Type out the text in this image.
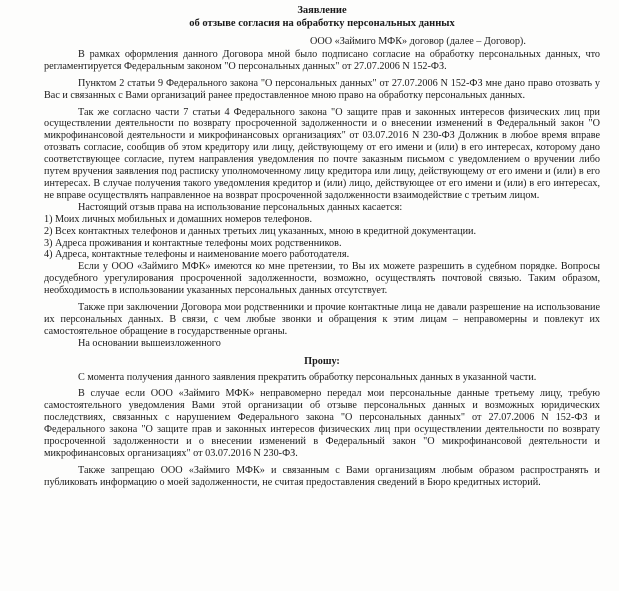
Заявление
об отзыве согласия на обработку персональных данных
ООО «Займиго МФК» договор (далее – Договор).

В рамках оформления данного Договора мной было подписано согласие на обработку персональных данных, что регламентируется Федеральным законом "О персональных данных" от 27.07.2006 N 152-ФЗ.

Пунктом 2 статьи 9 Федерального закона "О персональных данных" от 27.07.2006 N 152-ФЗ мне дано право отозвать у Вас и связанных с Вами организаций ранее предоставленное мною право на обработку персональных данных.

Так же согласно части 7 статьи 4 Федерального закона "О защите прав и законных интересов физических лиц при осуществлении деятельности по возврату просроченной задолженности и о внесении изменений в Федеральный закон "О микрофинансовой деятельности и микрофинансовых организациях" от 03.07.2016 N 230-ФЗ Должник в любое время вправе отозвать согласие, сообщив об этом кредитору или лицу, действующему от его имени и (или) в его интересах, которому дано соответствующее согласие, путем направления уведомления по почте заказным письмом с уведомлением о вручении либо путем вручения заявления под расписку уполномоченному лицу кредитора или лицу, действующему от его имени и (или) в его интересах. В случае получения такого уведомления кредитор и (или) лицо, действующее от его имени и (или) в его интересах, не вправе осуществлять направленное на возврат просроченной задолженности взаимодействие с третьим лицом.

Настоящий отзыв права на использование персональных данных касается:

1) Моих личных мобильных и домашних номеров телефонов.
2) Всех контактных телефонов и данных третьих лиц указанных, мною в кредитной документации.
3) Адреса проживания и контактные телефоны моих родственников.
4) Адреса, контактные телефоны и наименование моего работодателя.

Если у ООО «Займиго МФК» имеются ко мне претензии, то Вы их можете разрешить в судебном порядке. Вопросы досудебного урегулирования просроченной задолженности, возможно, осуществлять почтовой связью. Таким образом, необходимость в использовании указанных персональных данных отсутствует.

Также при заключении Договора мои родственники и прочие контактные лица не давали разрешение на использование их персональных данных. В связи, с чем любые звонки и обращения к этим лицам – неправомерны и повлекут их самостоятельное обращение в государственные органы.

На основании вышеизложенного

Прошу:

С момента получения данного заявления прекратить обработку персональных данных в указанной части.

В случае если ООО «Займиго МФК» неправомерно передал мои персональные данные третьему лицу, требую самостоятельного уведомления Вами этой организации об отзыве персональных данных и возможных юридических последствиях, связанных с нарушением Федерального закона "О персональных данных" от 27.07.2006 N 152-ФЗ и Федерального закона "О защите прав и законных интересов физических лиц при осуществлении деятельности по возврату просроченной задолженности и о внесении изменений в Федеральный закон "О микрофинансовой деятельности и микрофинансовых организациях" от 03.07.2016 N 230-ФЗ.

Также запрещаю ООО «Займиго МФК» и связанным с Вами организациям любым образом распространять и публиковать информацию о моей задолженности, не считая предоставления сведений в Бюро кредитных историй.
